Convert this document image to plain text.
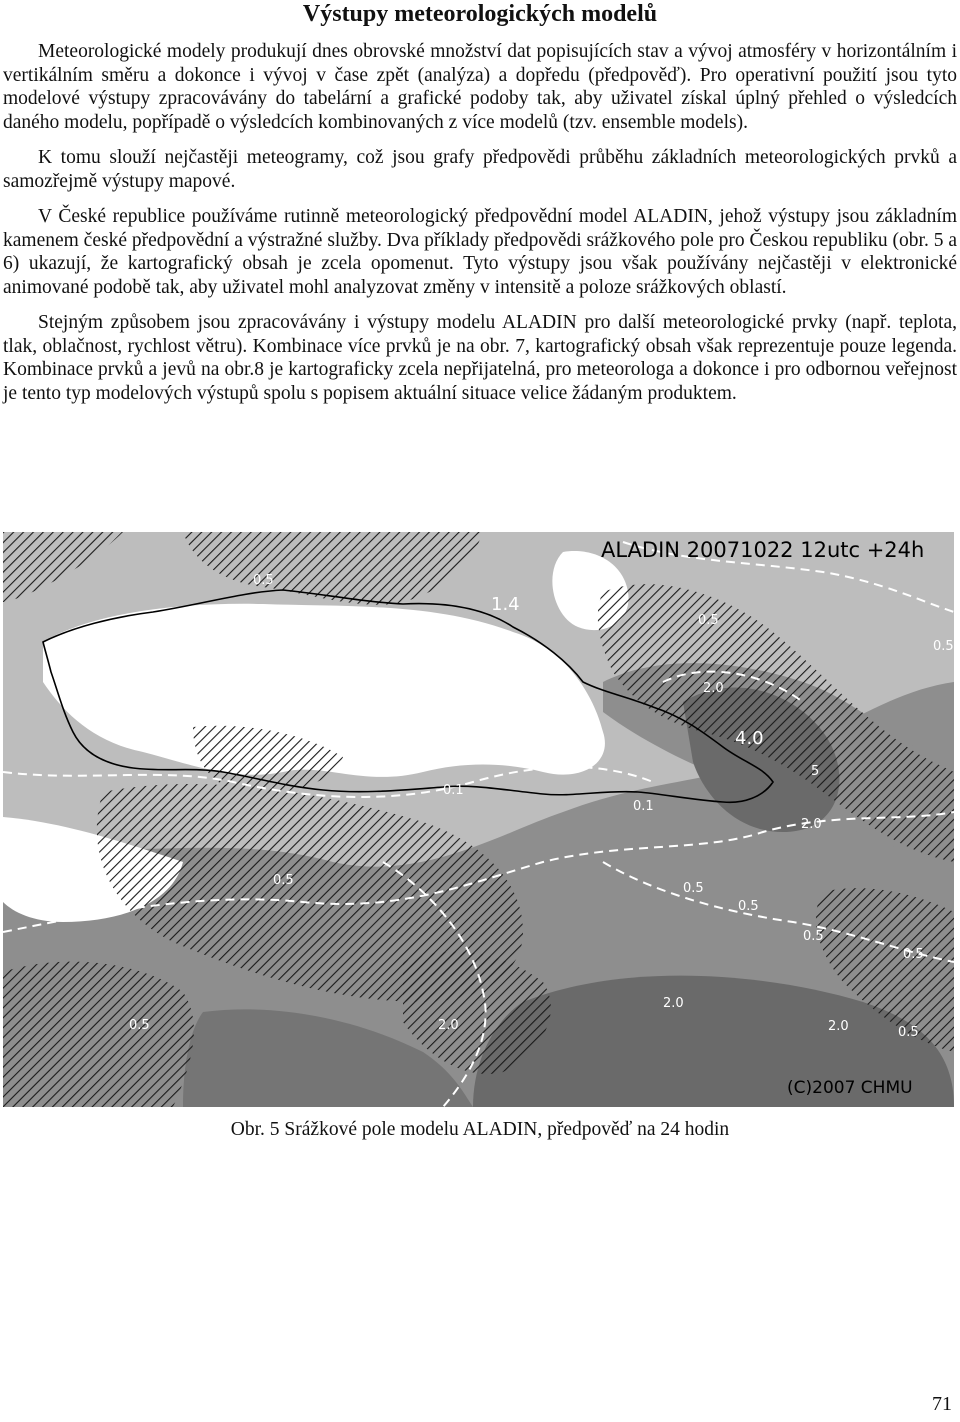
Výstupy meteorologických modelů

Meteorologické modely produkují dnes obrovské množství dat popisujících stav a vývoj atmosféry v horizontálním i vertikálním směru a dokonce i vývoj v čase zpět (analýza) a dopředu (předpověď). Pro operativní použití jsou tyto modelové výstupy zpracovávány do tabelární a grafické podoby tak, aby uživatel získal úplný přehled o výsledcích daného modelu, popřípadě o výsledcích kombinovaných z více modelů (tzv. ensemble models).

K tomu slouží nejčastěji meteogramy, což jsou grafy předpovědi průběhu základních meteorologických prvků a samozřejmě výstupy mapové.

V České republice používáme rutinně meteorologický předpovědní model ALADIN, jehož výstupy jsou základním kamenem české předpovědní a výstražné služby. Dva příklady předpovědi srážkového pole pro Českou republiku (obr. 5 a 6) ukazují, že kartografický obsah je zcela opomenut. Tyto výstupy jsou však používány nejčastěji v elektronické animované podobě tak, aby uživatel mohl analyzovat změny v intensitě a poloze srážkových oblastí.

Stejným způsobem jsou zpracovávány i výstupy modelu ALADIN pro další meteorologické prvky (např. teplota, tlak, oblačnost, rychlost větru). Kombinace více prvků je na obr. 7, kartografický obsah však reprezentuje pouze legenda. Kombinace prvků a jevů na obr.8 je kartograficky zcela nepřijatelná, pro meteorologa a dokonce i pro odbornou veřejnost je tento typ modelových výstupů spolu s popisem aktuální situace velice žádaným produktem.

0.5
0.5
1.4
0.5
0.5
2.0
4.0
5
2.0
0.5
0.5
0.5
0.5
2.0
0.5	2.0
0.5
0.5
0.1
0.1
2.0
ALADIN 20071022 12utc +24h
(C)2007 CHMU
Obr. 5 Srážkové pole modelu ALADIN, předpověď na 24 hodin
71
